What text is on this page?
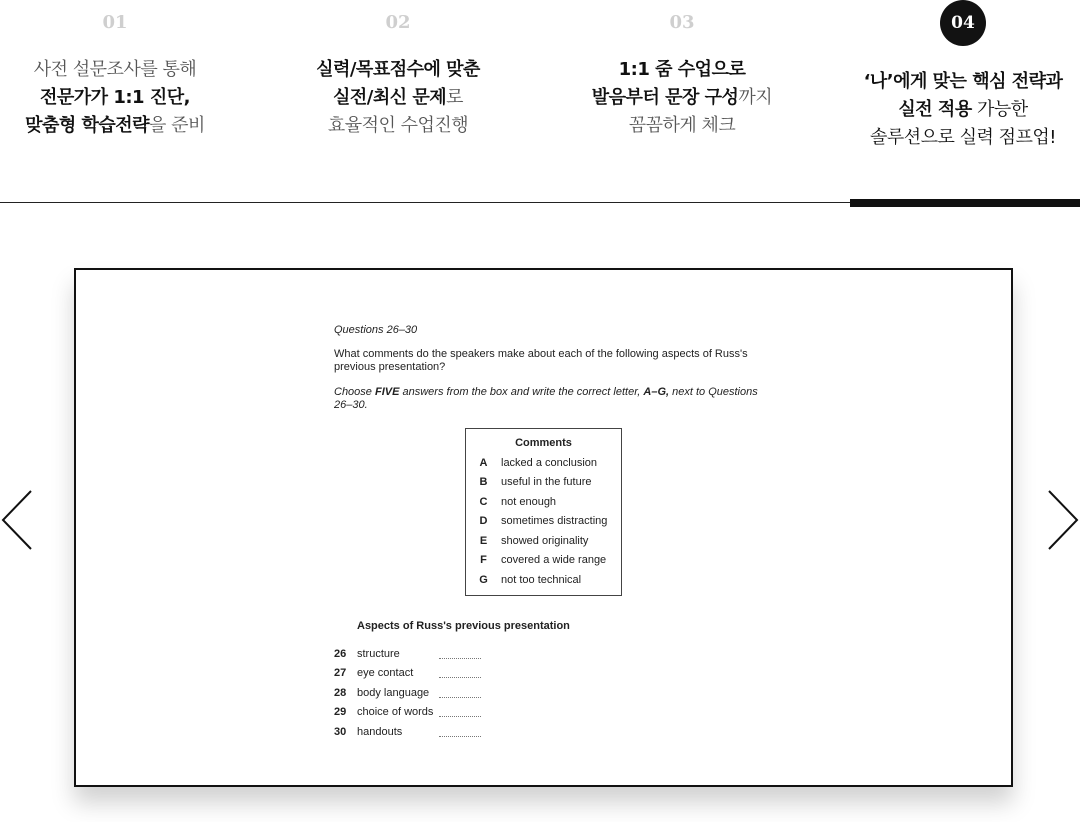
01
사전 설문조사를 통해
전문가가 1:1 진단,
맞춤형 학습전략을 준비
02
실력/목표점수에 맞춘
실전/최신 문제로
효율적인 수업진행
03
1:1 줌 수업으로
발음부터 문장 구성까지
꼼꼼하게 체크
04
‘나’에게 맞는 핵심 전략과
실전 적용 가능한
솔루션으로 실력 점프업!

Questions 26–30

What comments do the speakers make about each of the following aspects of Russ's previous presentation?

Choose FIVE answers from the box and write the correct letter, A–G, next to Questions 26–30.

Comments
A	lacked a conclusion
B	useful in the future
C	not enough
D	sometimes distracting
E	showed originality
F	covered a wide range
G	not too technical
Aspects of Russ's previous presentation
26 structure
27 eye contact
28 body language
29 choice of words
30 handouts
